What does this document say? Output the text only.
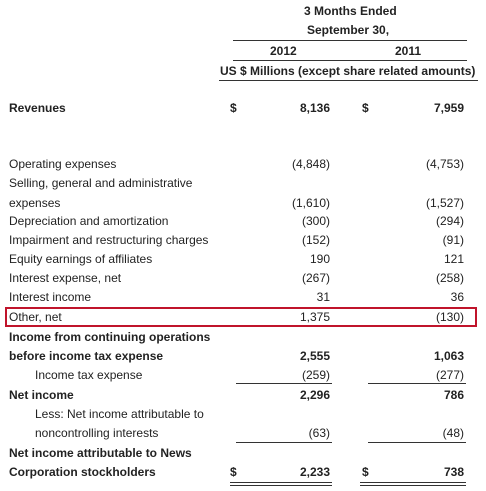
3 Months Ended
September 30,
2012	2011
US $ Millions (except share related amounts)
Revenues	$	8,136	$	7,959
Operating expenses	(4,848)	(4,753)
Selling, general and administrative
expenses	(1,610)	(1,527)
Depreciation and amortization	(300)	(294)
Impairment and restructuring charges	(152)	(91)
Equity earnings of affiliates	190	121
Interest expense, net	(267)	(258)
Interest income	31	36
Other, net	1,375	(130)
Income from continuing operations
before income tax expense	2,555	1,063
Income tax expense	(259)	(277)
Net income	2,296	786
Less: Net income attributable to
noncontrolling interests	(63)	(48)
Net income attributable to News
Corporation stockholders	$	2,233	$	738
